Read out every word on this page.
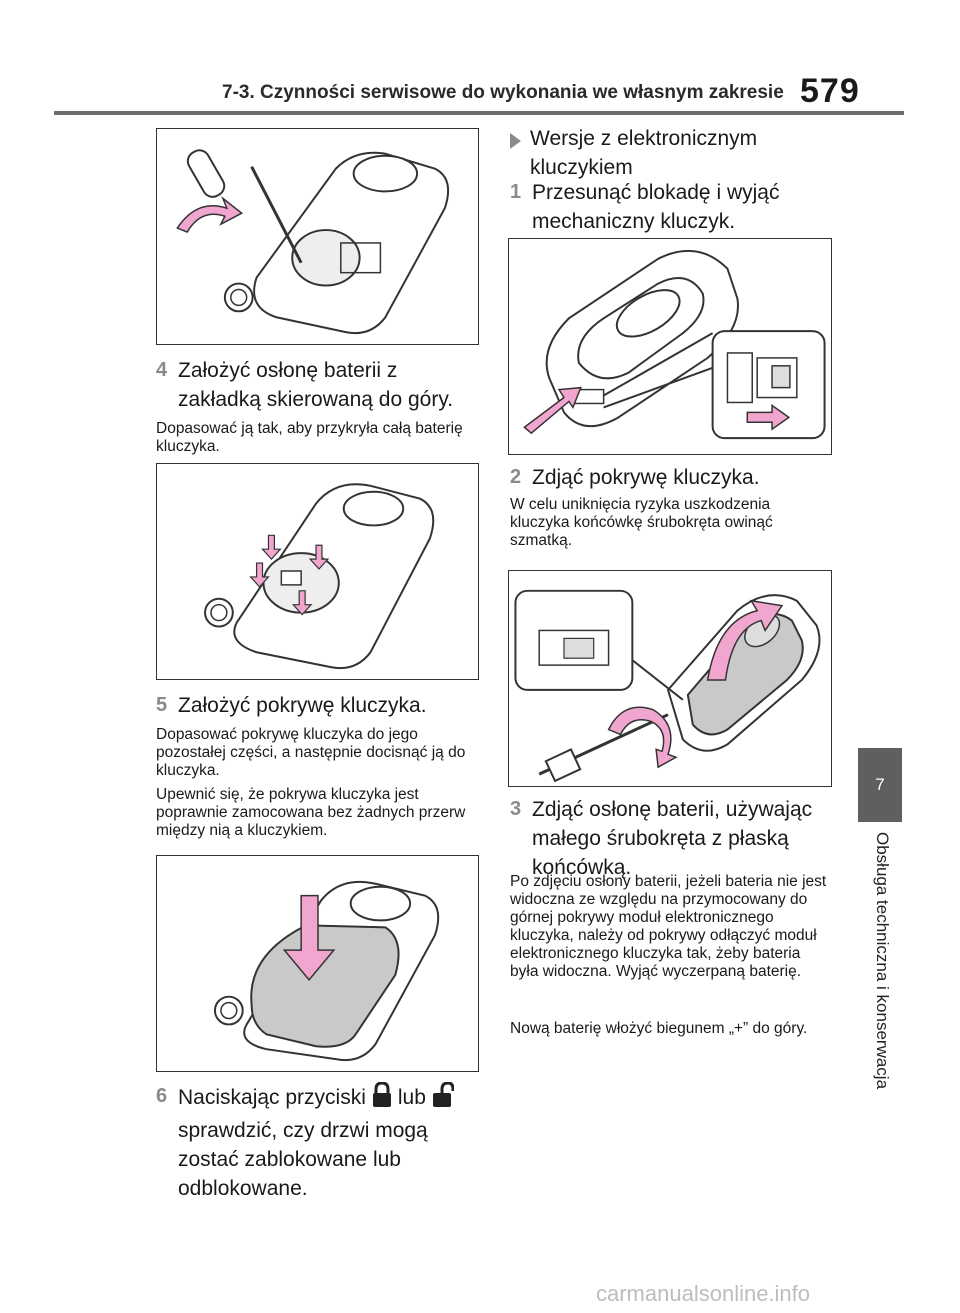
7-3. Czynności serwisowe do wykonania we własnym zakresie 579
7
Obsługa techniczna i konserwacja
4 Założyć osłonę baterii z zakładką skierowaną do góry.
Dopasować ją tak, aby przykryła całą baterię kluczyka.
5 Założyć pokrywę kluczyka.
Dopasować pokrywę kluczyka do jego pozostałej części, a następnie docisnąć ją do kluczyka.
Upewnić się, że pokrywa kluczyka jest poprawnie zamocowana bez żadnych przerw między nią a kluczykiem.
6 Naciskając przyciski lubsprawdzić, czy drzwi mogą zostać zablokowane lub odblokowane.
Wersje z elektronicznym kluczykiem
1 Przesunąć blokadę i wyjąć mechaniczny kluczyk.
2 Zdjąć pokrywę kluczyka.
W celu uniknięcia ryzyka uszkodzenia kluczyka końcówkę śrubokręta owinąć szmatką.
3 Zdjąć osłonę baterii, używając małego śrubokręta z płaską końcówką.
Po zdjęciu osłony baterii, jeżeli bateria nie jest widoczna ze względu na przymocowany do górnej pokrywy moduł elektronicznego kluczyka, należy od pokrywy odłączyć moduł elektronicznego kluczyka tak, żeby bateria była widoczna. Wyjąć wyczerpaną baterię.
Nową baterię włożyć biegunem „+” do góry.
carmanualsonline.info
